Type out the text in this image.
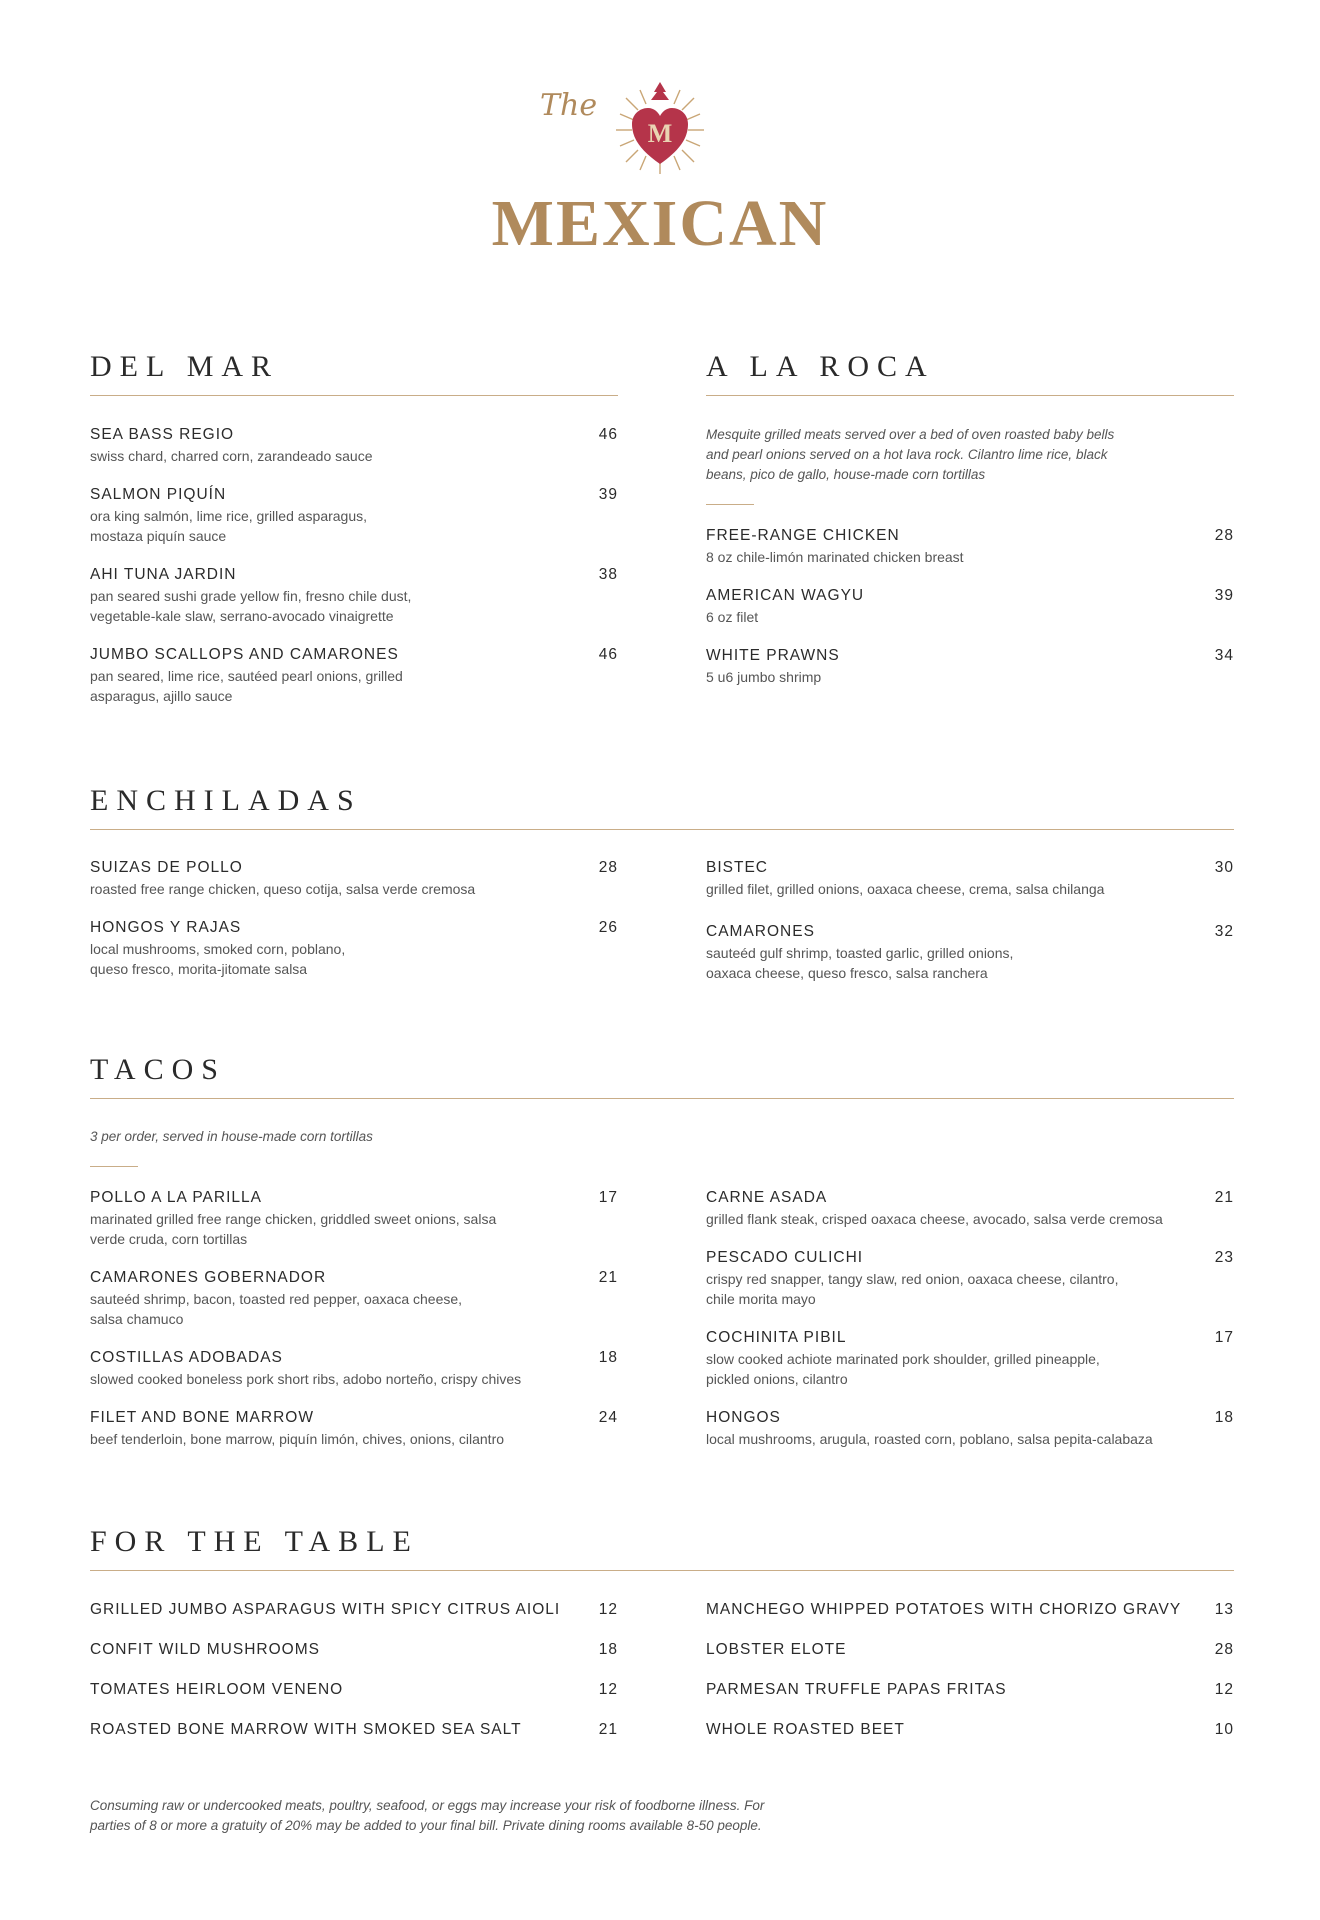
M
The
MEXICAN
DEL MAR
SEA BASS REGIO	46
swiss chard, charred corn, zarandeado sauce
SALMON PIQUÍN	39
ora king salmón, lime rice, grilled asparagus,
mostaza piquín sauce
AHI TUNA JARDIN	38
pan seared sushi grade yellow fin, fresno chile dust,
vegetable-kale slaw, serrano-avocado vinaigrette
JUMBO SCALLOPS AND CAMARONES	46
pan seared, lime rice, sautéed pearl onions, grilled
asparagus, ajillo sauce
A LA ROCA

Mesquite grilled meats served over a bed of oven roasted baby bells
and pearl onions served on a hot lava rock. Cilantro lime rice, black
beans, pico de gallo, house-made corn tortillas

FREE-RANGE CHICKEN	28
8 oz chile-limón marinated chicken breast
AMERICAN WAGYU	39
6 oz filet
WHITE PRAWNS	34
5 u6 jumbo shrimp
ENCHILADAS
SUIZAS DE POLLO	28
roasted free range chicken, queso cotija, salsa verde cremosa
HONGOS Y RAJAS	26
local mushrooms, smoked corn, poblano,
queso fresco, morita-jitomate salsa
BISTEC	30
grilled filet, grilled onions, oaxaca cheese, crema, salsa chilanga
CAMARONES	32
sauteéd gulf shrimp, toasted garlic, grilled onions,
oaxaca cheese, queso fresco, salsa ranchera
TACOS

3 per order, served in house-made corn tortillas

POLLO A LA PARILLA	17
marinated grilled free range chicken, griddled sweet onions, salsa
verde cruda, corn tortillas
CAMARONES GOBERNADOR	21
sauteéd shrimp, bacon, toasted red pepper, oaxaca cheese,
salsa chamuco
COSTILLAS ADOBADAS	18
slowed cooked boneless pork short ribs, adobo norteño, crispy chives
FILET AND BONE MARROW	24
beef tenderloin, bone marrow, piquín limón, chives, onions, cilantro
CARNE ASADA	21
grilled flank steak, crisped oaxaca cheese, avocado, salsa verde cremosa
PESCADO CULICHI	23
crispy red snapper, tangy slaw, red onion, oaxaca cheese, cilantro,
chile morita mayo
COCHINITA PIBIL	17
slow cooked achiote marinated pork shoulder, grilled pineapple,
pickled onions, cilantro
HONGOS	18
local mushrooms, arugula, roasted corn, poblano, salsa pepita-calabaza
FOR THE TABLE
GRILLED JUMBO ASPARAGUS WITH SPICY CITRUS AIOLI	12
CONFIT WILD MUSHROOMS	18
TOMATES HEIRLOOM VENENO	12
ROASTED BONE MARROW WITH SMOKED SEA SALT	21
MANCHEGO WHIPPED POTATOES WITH CHORIZO GRAVY	13
LOBSTER ELOTE	28
PARMESAN TRUFFLE PAPAS FRITAS	12
WHOLE ROASTED BEET	10

Consuming raw or undercooked meats, poultry, seafood, or eggs may increase your risk of foodborne illness. For
parties of 8 or more a gratuity of 20% may be added to your final bill. Private dining rooms available 8-50 people.
